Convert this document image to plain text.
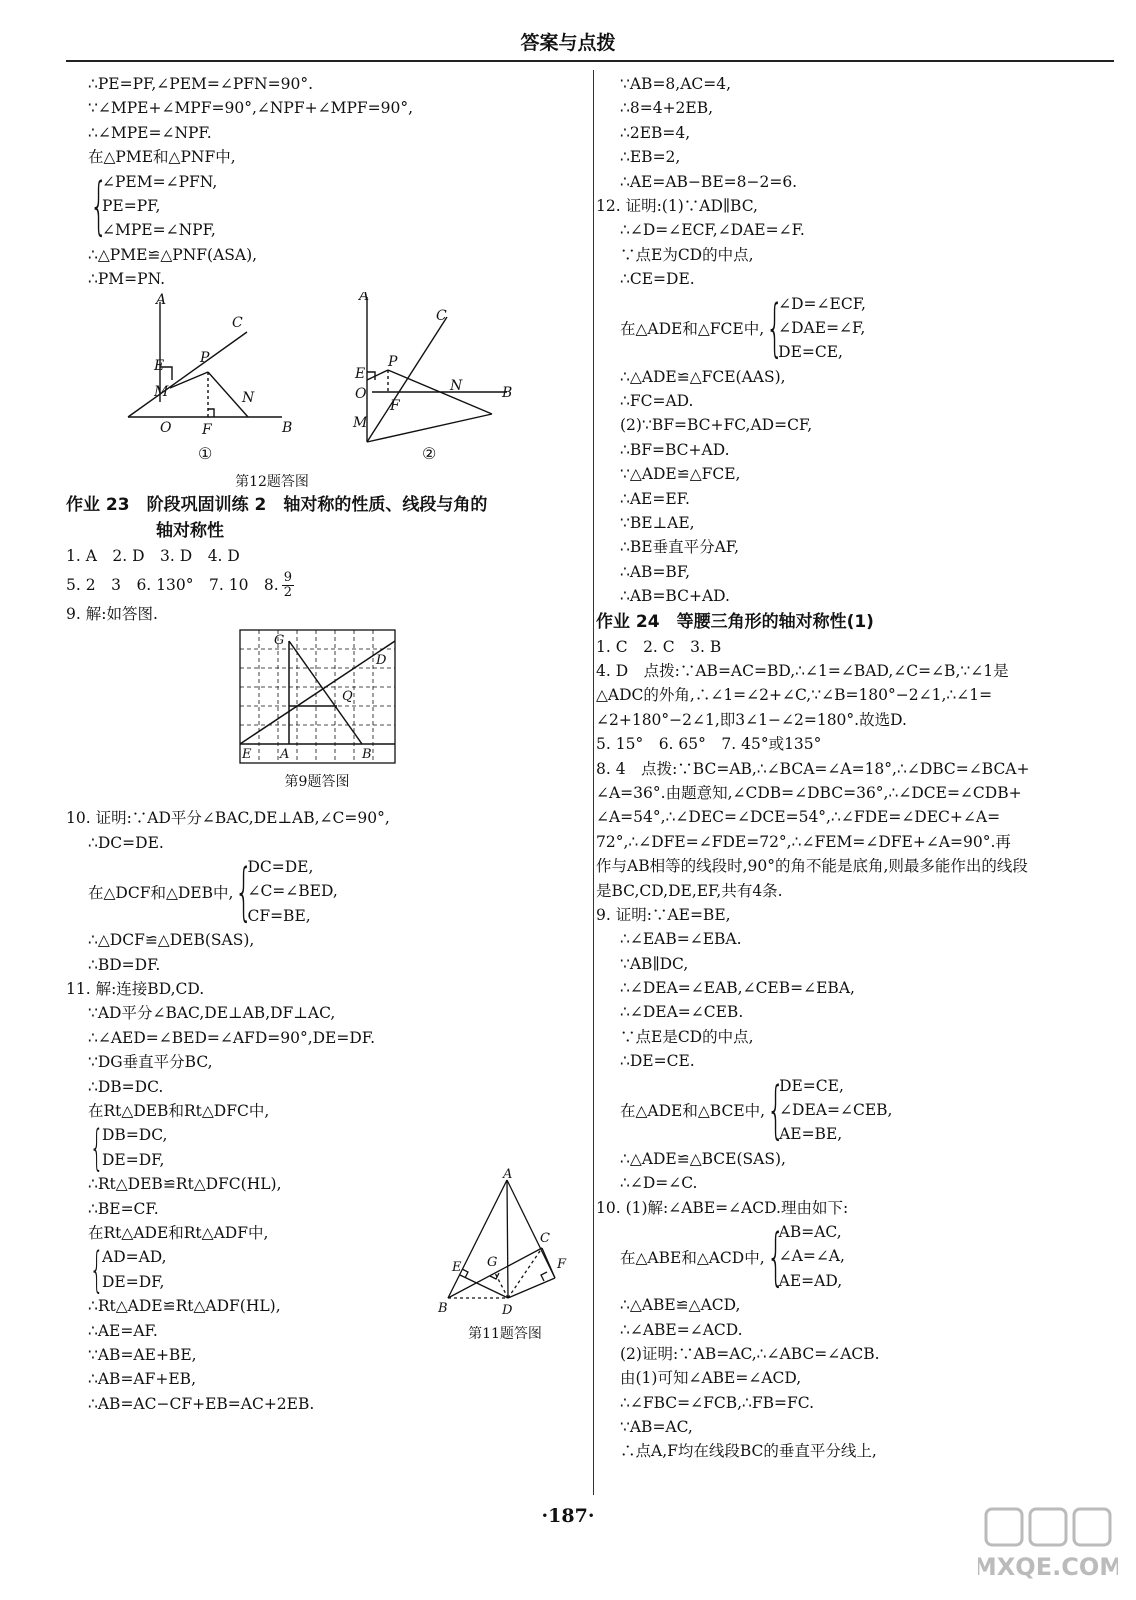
答案与点拨
∴PE=PF,∠PEM=∠PFN=90°.
∵∠MPE+∠MPF=90°,∠NPF+∠MPF=90°,
∴∠MPE=∠NPF.
在△PME和△PNF中,
{
∠PEM=∠PFN,
PE=PF,
∠MPE=∠NPF,
∴△PME≌△PNF(ASA),
∴PM=PN.
A
C
E	P
M
O F
N
B
A
C
E
P
O
F
N	B
M
①	②
第12题答图
作业 23　阶段巩固训练 2　轴对称的性质、线段与角的
轴对称性
1. A　2. D　3. D　4. D
5. 2　3　6. 130°　7. 10　8. $\frac{9}{2}$
9. 解:如答图.
G
D
Q
E A	B
第9题答图
10. 证明:∵AD平分∠BAC,DE⊥AB,∠C=90°,
∴DC=DE.
在△DCF和△DEB中, {
DC=DE,
∠C=∠BED,
CF=BE,
∴△DCF≌△DEB(SAS),
∴BD=DF.
11. 解:连接BD,CD.
∵AD平分∠BAC,DE⊥AB,DF⊥AC,
∴∠AED=∠BED=∠AFD=90°,DE=DF.
∵DG垂直平分BC,
∴DB=DC.
在Rt△DEB和Rt△DFC中,
{
DB=DC,
DE=DF,
∴Rt△DEB≌Rt△DFC(HL),
∴BE=CF.
在Rt△ADE和Rt△ADF中,
{
AD=AD,
DE=DF,
∴Rt△ADE≌Rt△ADF(HL),
∴AE=AF.
∵AB=AE+BE,
∴AB=AF+EB,
∴AB=AC−CF+EB=AC+2EB.
A
E G
C
F
B	D
第11题答图
∵AB=8,AC=4,
∴8=4+2EB,
∴2EB=4,
∴EB=2,
∴AE=AB−BE=8−2=6.
12. 证明:(1)∵AD∥BC,
∴∠D=∠ECF,∠DAE=∠F.
∵点E为CD的中点,
∴CE=DE.
在△ADE和△FCE中, {
∠D=∠ECF,
∠DAE=∠F,
DE=CE,
∴△ADE≌△FCE(AAS),
∴FC=AD.
(2)∵BF=BC+FC,AD=CF,
∴BF=BC+AD.
∵△ADE≌△FCE,
∴AE=EF.
∵BE⊥AE,
∴BE垂直平分AF,
∴AB=BF,
∴AB=BC+AD.
作业 24　等腰三角形的轴对称性(1)
1. C　2. C　3. B
4. D　点拨:∵AB=AC=BD,∴∠1=∠BAD,∠C=∠B,∵∠1是
△ADC的外角,∴∠1=∠2+∠C,∵∠B=180°−2∠1,∴∠1=
∠2+180°−2∠1,即3∠1−∠2=180°.故选D.
5. 15°　6. 65°　7. 45°或135°
8. 4　点拨:∵BC=AB,∴∠BCA=∠A=18°,∴∠DBC=∠BCA+
∠A=36°.由题意知,∠CDB=∠DBC=36°,∴∠DCE=∠CDB+
∠A=54°,∴∠DEC=∠DCE=54°,∴∠FDE=∠DEC+∠A=
72°,∴∠DFE=∠FDE=72°,∴∠FEM=∠DFE+∠A=90°.再
作与AB相等的线段时,90°的角不能是底角,则最多能作出的线段
是BC,CD,DE,EF,共有4条.
9. 证明:∵AE=BE,
∴∠EAB=∠EBA.
∵AB∥DC,
∴∠DEA=∠EAB,∠CEB=∠EBA,
∴∠DEA=∠CEB.
∵点E是CD的中点,
∴DE=CE.
在△ADE和△BCE中, {
DE=CE,
∠DEA=∠CEB,
AE=BE,
∴△ADE≌△BCE(SAS),
∴∠D=∠C.
10. (1)解:∠ABE=∠ACD.理由如下:
在△ABE和△ACD中, {
AB=AC,
∠A=∠A,
AE=AD,
∴△ABE≌△ACD,
∴∠ABE=∠ACD.
(2)证明:∵AB=AC,∴∠ABC=∠ACB.
由(1)可知∠ABE=∠ACD,
∴∠FBC=∠FCB,∴FB=FC.
∵AB=AC,
∴点A,F均在线段BC的垂直平分线上,
·187·
MXQE.COM
